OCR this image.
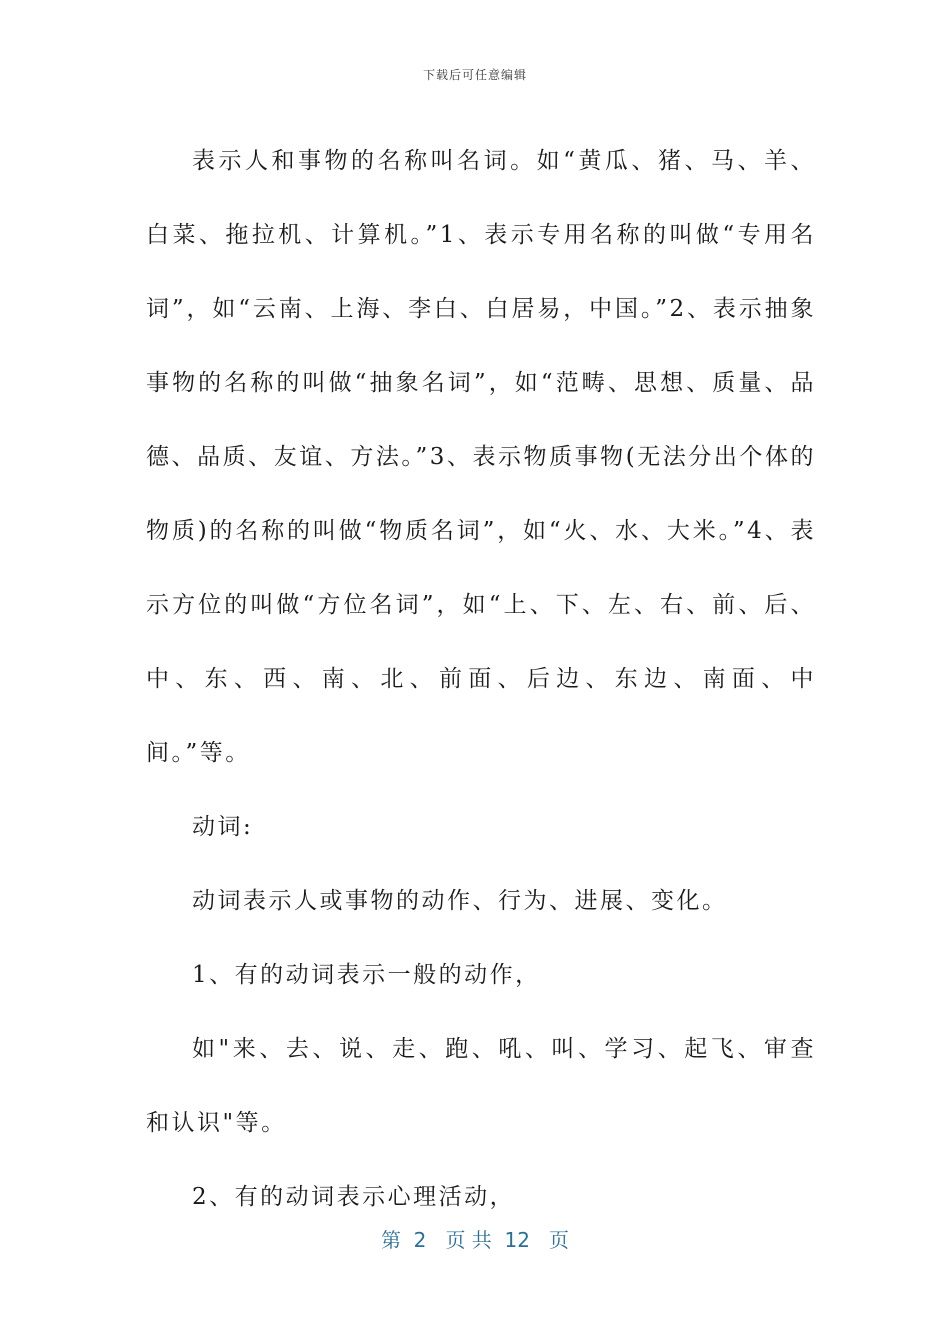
下载后可任意编辑

表示人和事物的名称叫名词。如“黄瓜、猪、马、羊、白菜、拖拉机、计算机。”1、表示专用名称的叫做“专用名词”，如“云南、上海、李白、白居易，中国。”2、表示抽象事物的名称的叫做“抽象名词”，如“范畴、思想、质量、品德、品质、友谊、方法。”3、表示物质事物(无法分出个体的物质)的名称的叫做“物质名词”，如“火、水、大米。”4、表示方位的叫做“方位名词”，如“上、下、左、右、前、后、中、东、西、南、北、前面、后边、东边、南面、中间。”等。

动词:

动词表示人或事物的动作、行为、进展、变化。

1、有的动词表示一般的动作，

如"来、去、说、走、跑、吼、叫、学习、起飞、审查和认识"等。

2、有的动词表示心理活动，

第  2   页 共  12   页
